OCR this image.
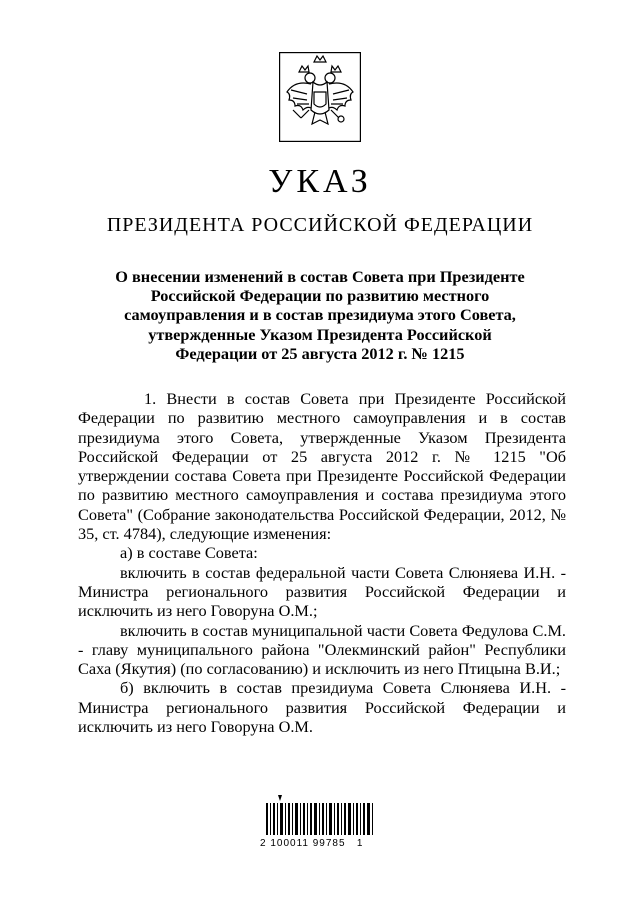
УКАЗ
ПРЕЗИДЕНТА РОССИЙСКОЙ ФЕДЕРАЦИИ
О внесении изменений в состав Совета при Президенте Российской Федерации по развитию местного самоуправления и в состав президиума этого Совета, утвержденные Указом Президента Российской Федерации от 25 августа 2012 г. № 1215

1. Внести в состав Совета при Президенте Российской Федерации по развитию местного самоуправления и в состав президиума этого Совета, утвержденные Указом Президента Российской Федерации от 25 августа 2012 г. № 1215 "Об утверждении состава Совета при Президенте Российской Федерации по развитию местного самоуправления и состава президиума этого Совета" (Собрание законодательства Российской Федерации, 2012, № 35, ст. 4784), следующие изменения:

а) в составе Совета:

включить в состав федеральной части Совета Слюняева И.Н. - Министра регионального развития Российской Федерации и исключить из него Говоруна О.М.;

включить в состав муниципальной части Совета Федулова С.М. - главу муниципального района "Олекминский район" Республики Саха (Якутия) (по согласованию) и исключить из него Птицына В.И.;

б) включить в состав президиума Совета Слюняева И.Н. - Министра регионального развития Российской Федерации и исключить из него Говоруна О.М.

2 100011 99785   1
